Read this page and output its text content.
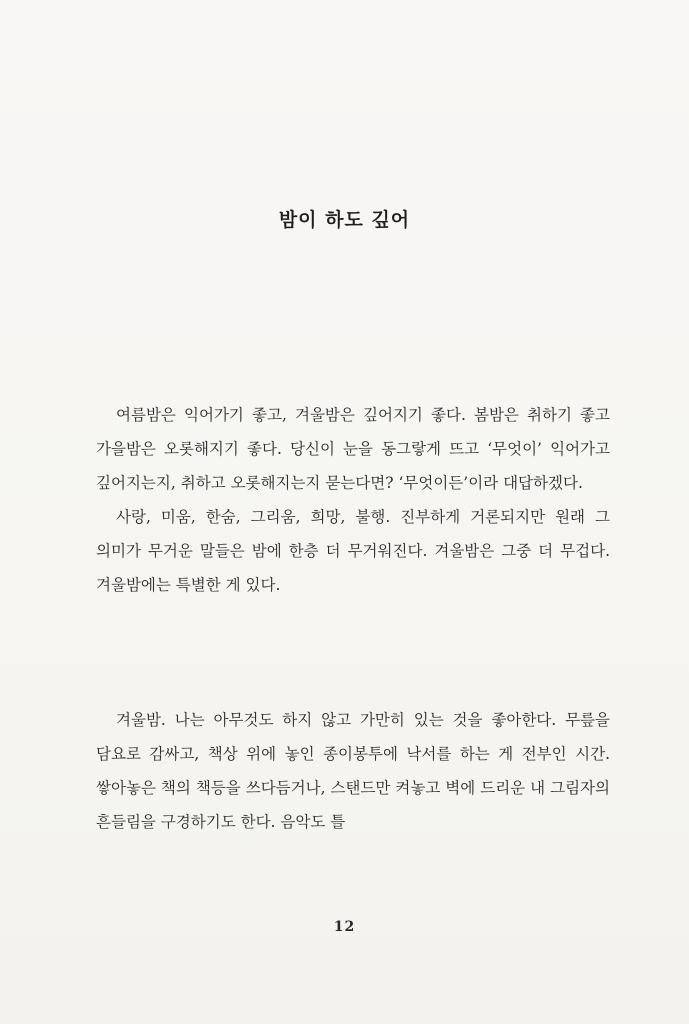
밤이 하도 깊어

여름밤은 익어가기 좋고, 겨울밤은 깊어지기 좋다. 봄밤은 취하기 좋고 가을밤은 오롯해지기 좋다. 당신이 눈을 동그랗게 뜨고 ‘무엇이’ 익어가고 깊어지는지, 취하고 오롯해지는지 묻는다면? ‘무엇이든’이라 대답하겠다.

사랑, 미움, 한숨, 그리움, 희망, 불행. 진부하게 거론되지만 원래 그 의미가 무거운 말들은 밤에 한층 더 무거워진다. 겨울밤은 그중 더 무겁다. 겨울밤에는 특별한 게 있다.

겨울밤. 나는 아무것도 하지 않고 가만히 있는 것을 좋아한다. 무릎을 담요로 감싸고, 책상 위에 놓인 종이봉투에 낙서를 하는 게 전부인 시간. 쌓아놓은 책의 책등을 쓰다듬거나, 스탠드만 켜놓고 벽에 드리운 내 그림자의 흔들림을 구경하기도 한다. 음악도 틀

12
